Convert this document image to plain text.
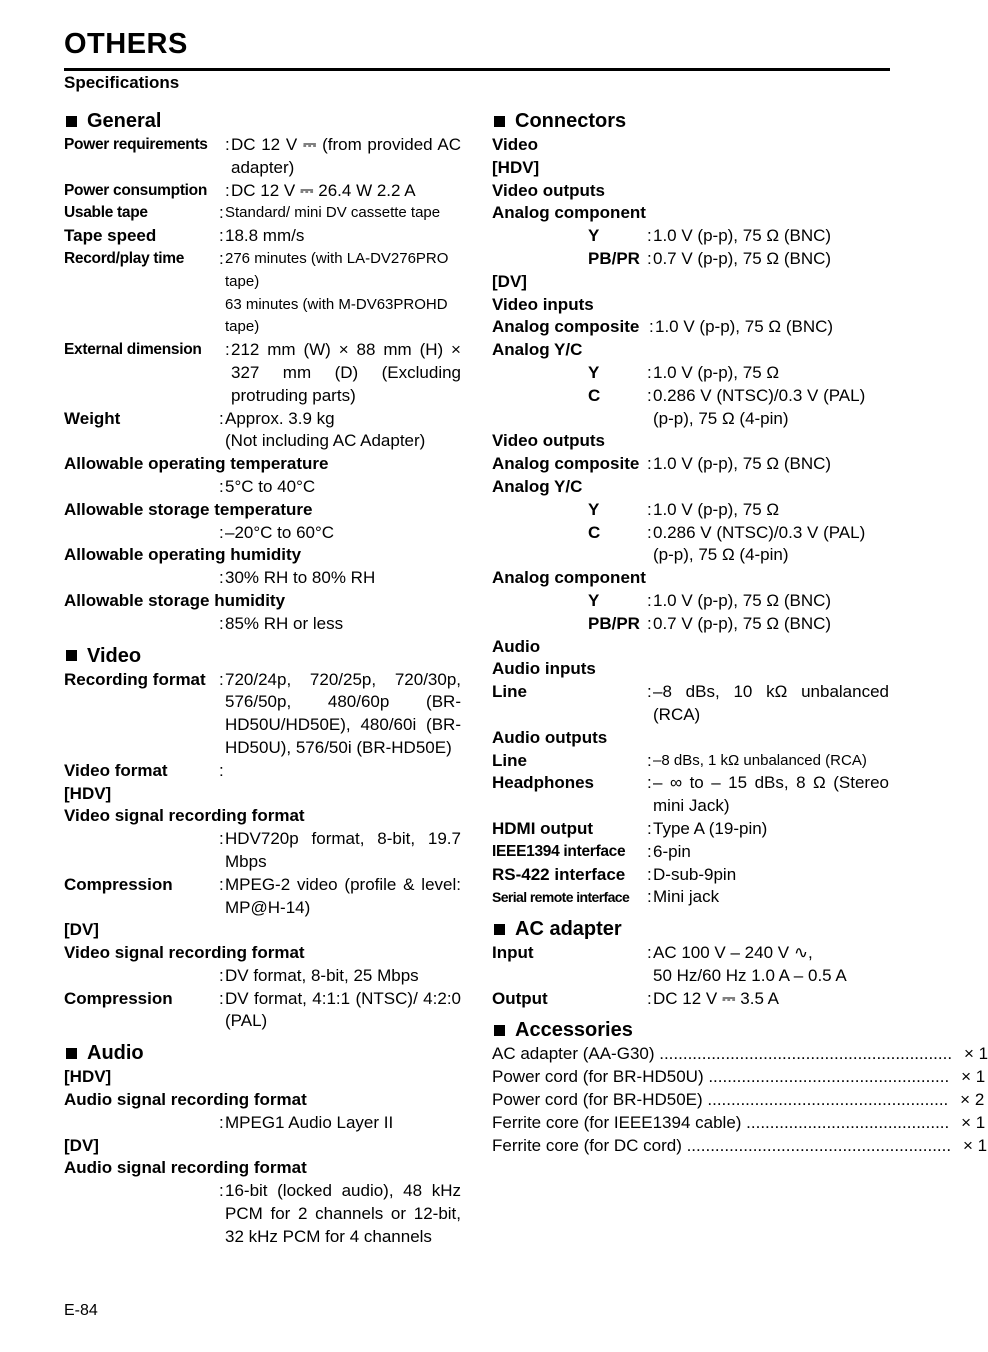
OTHERS
Specifications
General
Power requirements	: DC 12 V ⎓ (from provided AC adapter)
Power consumption	: DC 12 V ⎓ 26.4 W 2.2 A
Usable tape	: Standard/ mini DV cassette tape
Tape speed	: 18.8 mm/s
Record/play time	: 276 minutes (with LA-DV276PRO tape)
63 minutes (with M-DV63PROHD tape)
External dimension	: 212 mm (W) × 88 mm (H) × 327 mm (D) (Excluding protruding parts)
Weight	: Approx. 3.9 kg
(Not including AC Adapter)
Allowable operating temperature
: 5°C to 40°C
Allowable storage temperature
: –20°C to 60°C
Allowable operating humidity
: 30% RH to 80% RH
Allowable storage humidity
: 85% RH or less
Video
Recording format : 720/24p, 720/25p, 720/30p, 576/50p, 480/60p (BR-HD50U/HD50E), 480/60i (BR-HD50U), 576/50i (BR-HD50E)
Video format	:
[HDV]
Video signal recording format
: HDV720p format, 8-bit, 19.7 Mbps
Compression	: MPEG-2 video (profile & level: MP@H-14)
[DV]
Video signal recording format
: DV format, 8-bit, 25 Mbps
Compression	: DV format, 4:1:1 (NTSC)/ 4:2:0 (PAL)
Audio
[HDV]
Audio signal recording format
: MPEG1 Audio Layer II
[DV]
Audio signal recording format
: 16-bit (locked audio), 48 kHz PCM for 2 channels or 12-bit, 32 kHz PCM for 4 channels
Connectors
Video
[HDV]
Video outputs
Analog component
Y	: 1.0 V (p-p), 75 Ω (BNC)
PB/PR : 0.7 V (p-p), 75 Ω (BNC)
[DV]
Video inputs
Analog composite : 1.0 V (p-p), 75 Ω (BNC)
Analog Y/C
Y	: 1.0 V (p-p), 75 Ω
C	: 0.286 V (NTSC)/0.3 V (PAL) (p-p), 75 Ω (4-pin)
Video outputs
Analog composite : 1.0 V (p-p), 75 Ω (BNC)
Analog Y/C
Y	: 1.0 V (p-p), 75 Ω
C	: 0.286 V (NTSC)/0.3 V (PAL) (p-p), 75 Ω (4-pin)
Analog component
Y	: 1.0 V (p-p), 75 Ω (BNC)
PB/PR : 0.7 V (p-p), 75 Ω (BNC)
Audio
Audio inputs
Line	: –8 dBs, 10 kΩ unbalanced (RCA)
Audio outputs
Line	: –8 dBs, 1 kΩ unbalanced (RCA)
Headphones	: – ∞ to – 15 dBs, 8 Ω (Stereo mini Jack)
HDMI output	: Type A (19-pin)
IEEE1394 interface	: 6-pin
RS-422 interface	: D-sub-9pin
Serial remote interface	: Mini jack
AC adapter
Input	: AC 100 V – 240 V ∿,
50 Hz/60 Hz 1.0 A – 0.5 A
Output	: DC 12 V ⎓ 3.5 A
Accessories
AC adapter (AA-G30) .............................................................. × 1
Power cord (for BR-HD50U) ................................................... × 1
Power cord (for BR-HD50E) ................................................... × 2
Ferrite core (for IEEE1394 cable) ........................................... × 1
Ferrite core (for DC cord) ........................................................ × 1
E-84
